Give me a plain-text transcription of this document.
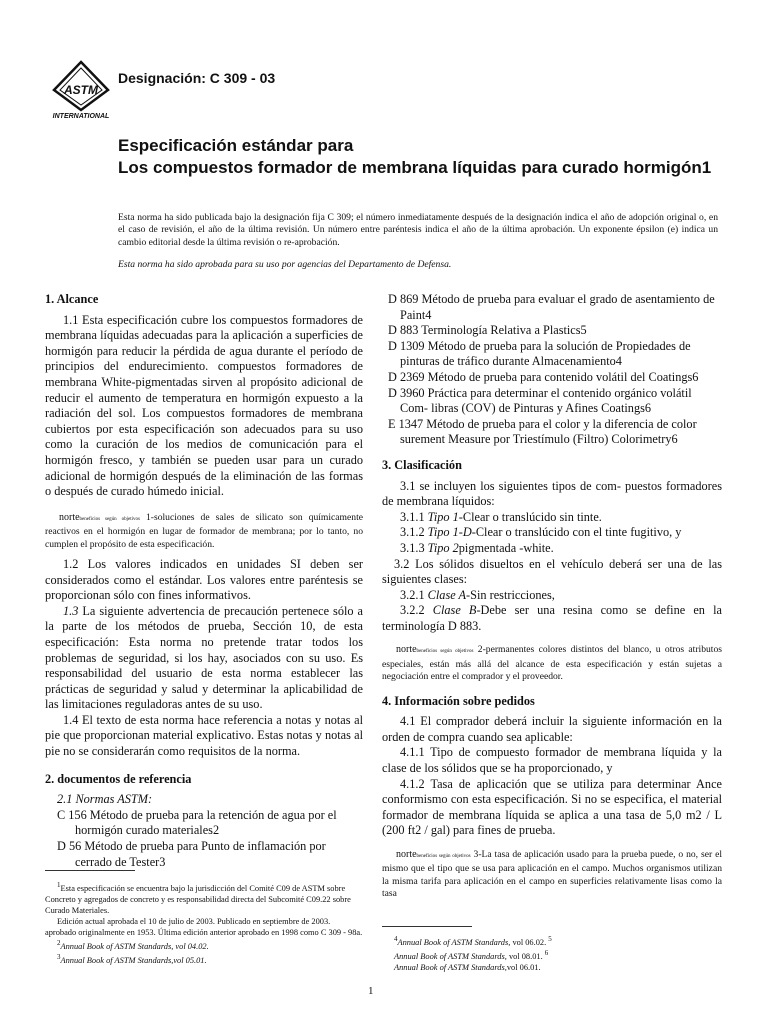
ASTM
INTERNATIONAL
Designación: C 309 - 03
Especificación estándar para
Los compuestos formador de membrana líquidas para curado hormigón1
Esta norma ha sido publicada bajo la designación fija C 309; el número inmediatamente después de la designación indica el año de adopción original o, en el caso de revisión, el año de la última revisión. Un número entre paréntesis indica el año de la última aprobación. Un exponente épsilon (e) indica un cambio editorial desde la última revisión o re-aprobación.
Esta norma ha sido aprobada para su uso por agencias del Departamento de Defensa.
1. Alcance

1.1 Esta especificación cubre los compuestos formadores de membrana líquidas adecuadas para la aplicación a superficies de hormigón para reducir la pérdida de agua durante el período de principios del endurecimiento. compuestos formadores de membrana White-pigmentadas sirven al propósito adicional de reducir el aumento de temperatura en hormigón expuesto a la radiación del sol. Los compuestos formadores de membrana cubiertos por esta especificación son adecuados para su uso como la curación de los medios de comunicación para el hormigón fresco, y también se pueden usar para un curado adicional de hormigón después de la eliminación de las formas o después de curado húmedo inicial.

nortebeneficios según objetivos 1-soluciones de sales de silicato son químicamente reactivos en el hormigón en lugar de formador de membrana; por lo tanto, no cumplen el propósito de esta especificación.

1.2 Los valores indicados en unidades SI deben ser considerados como el estándar. Los valores entre paréntesis se proporcionan sólo con fines informativos.

1.3 La siguiente advertencia de precaución pertenece sólo a la parte de los métodos de prueba, Sección 10, de esta especificación: Esta norma no pretende tratar todos los problemas de seguridad, si los hay, asociados con su uso. Es responsabilidad del usuario de esta norma establecer las prácticas de seguridad y salud y determinar la aplicabilidad de las limitaciones reguladoras antes de su uso.

1.4 El texto de esta norma hace referencia a notas y notas al pie que proporcionan material explicativo. Estas notas y notas al pie no se considerarán como requisitos de la norma.

2. documentos de referencia

2.1 Normas ASTM:

C 156 Método de prueba para la retención de agua por el hormigón curado materiales2

D 56 Método de prueba para Punto de inflamación por cerrado de Tester3

D 869 Método de prueba para evaluar el grado de asentamiento de Paint4

D 883 Terminología Relativa a Plastics5

D 1309 Método de prueba para la solución de Propiedades de pinturas de tráfico durante Almacenamiento4

D 2369 Método de prueba para contenido volátil del Coatings6

D 3960 Práctica para determinar el contenido orgánico volátil Com- libras (COV) de Pinturas y Afines Coatings6

E 1347 Método de prueba para el color y la diferencia de color surement Measure por Triestímulo (Filtro) Colorimetry6

3. Clasificación

3.1 se incluyen los siguientes tipos de com- puestos formadores de membrana líquidos:

3.1.1 Tipo 1-Clear o translúcido sin tinte.

3.1.2 Tipo 1-D-Clear o translúcido con el tinte fugitivo, y

3.1.3 Tipo 2pigmentada -white.

3.2 Los sólidos disueltos en el vehículo deberá ser una de las siguientes clases:

3.2.1 Clase A-Sin restricciones,

3.2.2 Clase B-Debe ser una resina como se define en la terminología D 883.

nortebeneficios según objetivos 2-permanentes colores distintos del blanco, u otros atributos especiales, están más allá del alcance de esta especificación y están sujetas a negociación entre el comprador y el proveedor.

4. Información sobre pedidos

4.1 El comprador deberá incluir la siguiente información en la orden de compra cuando sea aplicable:

4.1.1 Tipo de compuesto formador de membrana líquida y la clase de los sólidos que se ha proporcionado, y

4.1.2 Tasa de aplicación que se utiliza para determinar Ance conformismo con esta especificación. Si no se especifica, el material formador de membrana líquida se aplica a una tasa de 5,0 m2 / L (200 ft2 / gal) para fines de prueba.

nortebeneficios según objetivos 3-La tasa de aplicación usado para la prueba puede, o no, ser el mismo que el tipo que se usa para aplicación en el campo. Muchos organismos utilizan la misma tarifa para aplicación en el campo en superficies relativamente lisas como la tasa

$^1$Esta especificación se encuentra bajo la jurisdicción del Comité C09 de ASTM sobre Concreto y agregados de concreto y es responsabilidad directa del Subcomité C09.22 sobre Curado Materiales.

Edición actual aprobada el 10 de julio de 2003. Publicado en septiembre de 2003. aprobado originalmente en 1953. Última edición anterior aprobado en 1998 como C 309 - 98a.

$^2$Annual Book of ASTM Standards, vol 04.02.

$^3$Annual Book of ASTM Standards,vol 05.01.

$^4$Annual Book of ASTM Standards, vol 06.02. $^5$

Annual Book of ASTM Standards, vol 08.01. $^6$

Annual Book of ASTM Standards,vol 06.01.

1
